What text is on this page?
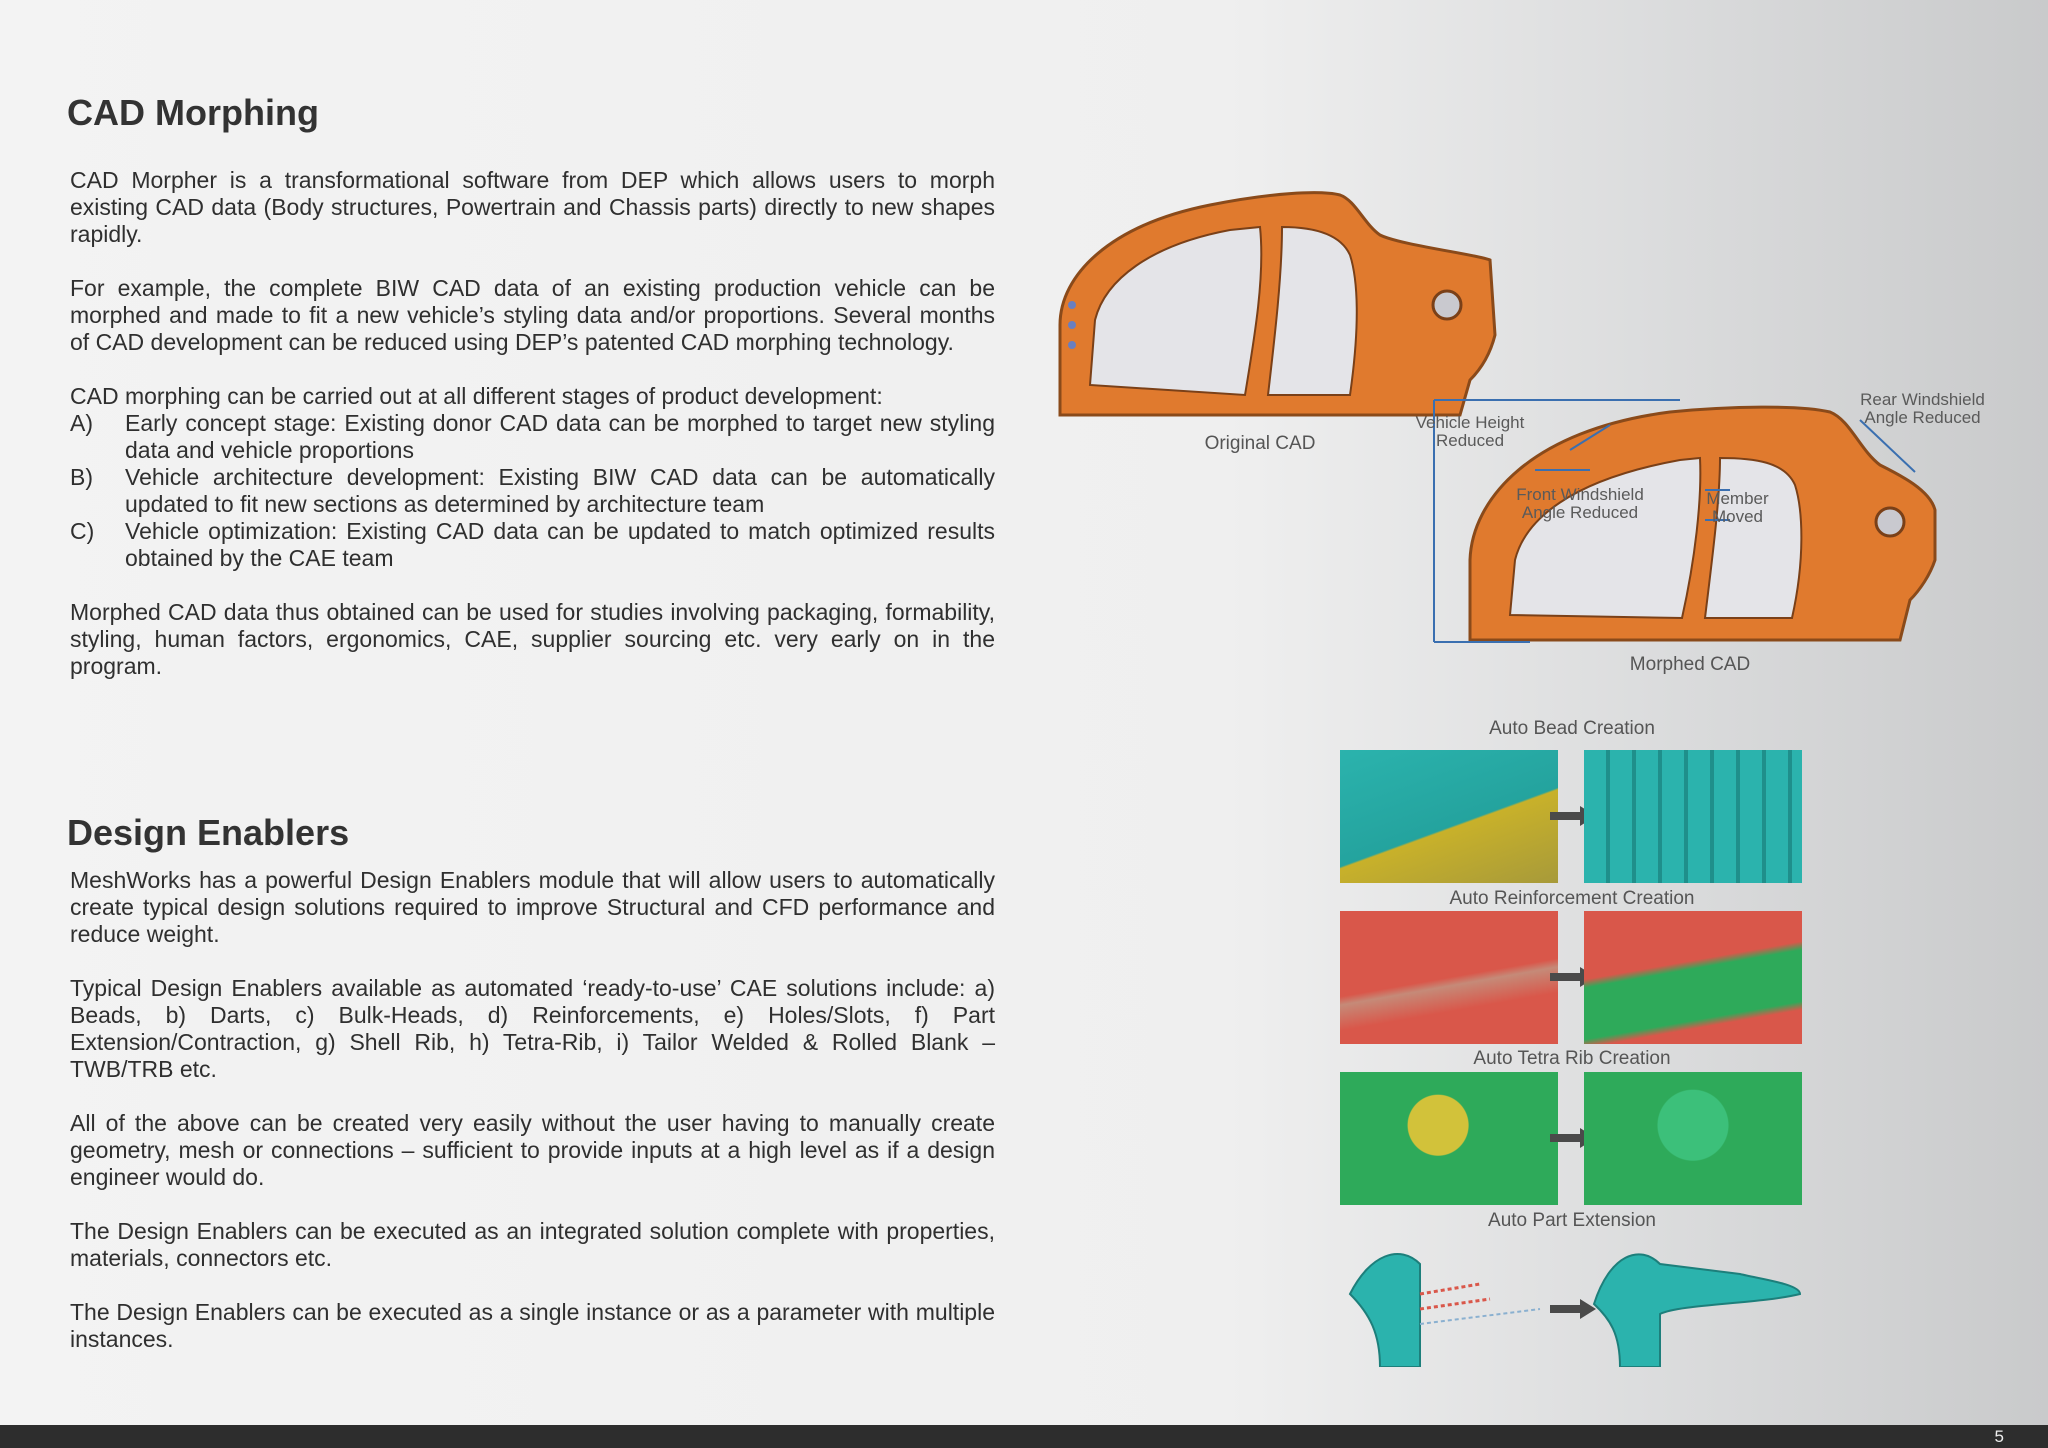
CAD Morphing

CAD Morpher is a transformational software from DEP which allows users to morph existing CAD data (Body structures, Powertrain and Chassis parts) directly to new shapes rapidly.

For example, the complete BIW CAD data of an existing production vehicle can be morphed and made to fit a new vehicle’s styling data and/or proportions. Several months of CAD development can be reduced using DEP’s patented CAD morphing technology.

CAD morphing can be carried out at all different stages of product development:

A) Early concept stage: Existing donor CAD data can be morphed to target new styling data and vehicle proportions
B) Vehicle architecture development: Existing BIW CAD data can be automatically updated to fit new sections as determined by architecture team
C) Vehicle optimization: Existing CAD data can be updated to match optimized results obtained by the CAE team

Morphed CAD data thus obtained can be used for studies involving packaging, formability, styling, human factors, ergonomics, CAE, supplier sourcing etc. very early on in the program.

Design Enablers

MeshWorks has a powerful Design Enablers module that will allow users to automatically create typical design solutions required to improve Structural and CFD performance and reduce weight.

Typical Design Enablers available as automated ‘ready-to-use’ CAE solutions include: a) Beads, b) Darts, c) Bulk-Heads, d) Reinforcements, e) Holes/Slots, f) Part Extension/Contraction, g) Shell Rib, h) Tetra-Rib, i) Tailor Welded & Rolled Blank – TWB/TRB etc.

All of the above can be created very easily without the user having to manually create geometry, mesh or connections – sufficient to provide inputs at a high level as if a design engineer would do.

The Design Enablers can be executed as an integrated solution complete with properties, materials, connectors etc.

The Design Enablers can be executed as a single instance or as a parameter with multiple instances.

Original CAD
Vehicle Height
Reduced
Front Windshield
Angle Reduced
Member
Moved
Rear Windshield
Angle Reduced
Morphed CAD
Auto Bead Creation
Auto Reinforcement Creation
Auto Tetra Rib Creation
Auto Part Extension
5
